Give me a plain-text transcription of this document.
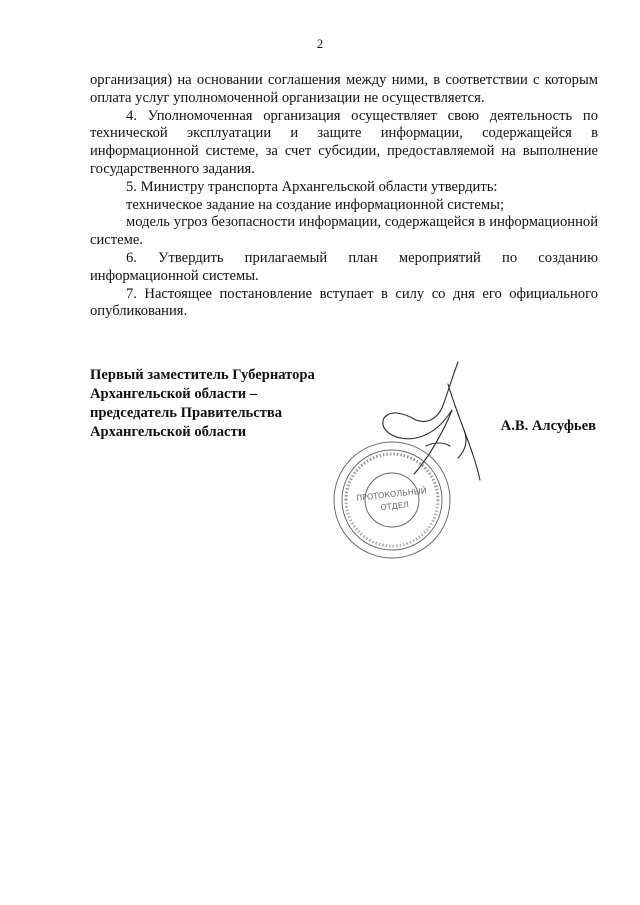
2

организация) на основании соглашения между ними, в соответствии с которым оплата услуг уполномоченной организации не осуществляется.

4. Уполномоченная организация осуществляет свою деятельность по технической эксплуатации и защите информации, содержащейся в информационной системе, за счет субсидии, предоставляемой на выполнение государственного задания.

5. Министру транспорта Архангельской области утвердить:

техническое задание на создание информационной системы;

модель угроз безопасности информации, содержащейся в информационной системе.

6. Утвердить прилагаемый план мероприятий по созданию информационной системы.

7. Настоящее постановление вступает в силу со дня его официального опубликования.

Первый заместитель Губернатора
Архангельской области –
председатель Правительства
Архангельской области	А.В. Алсуфьев
ПРОТОКОЛЬНЫЙ
ОТДЕЛ
